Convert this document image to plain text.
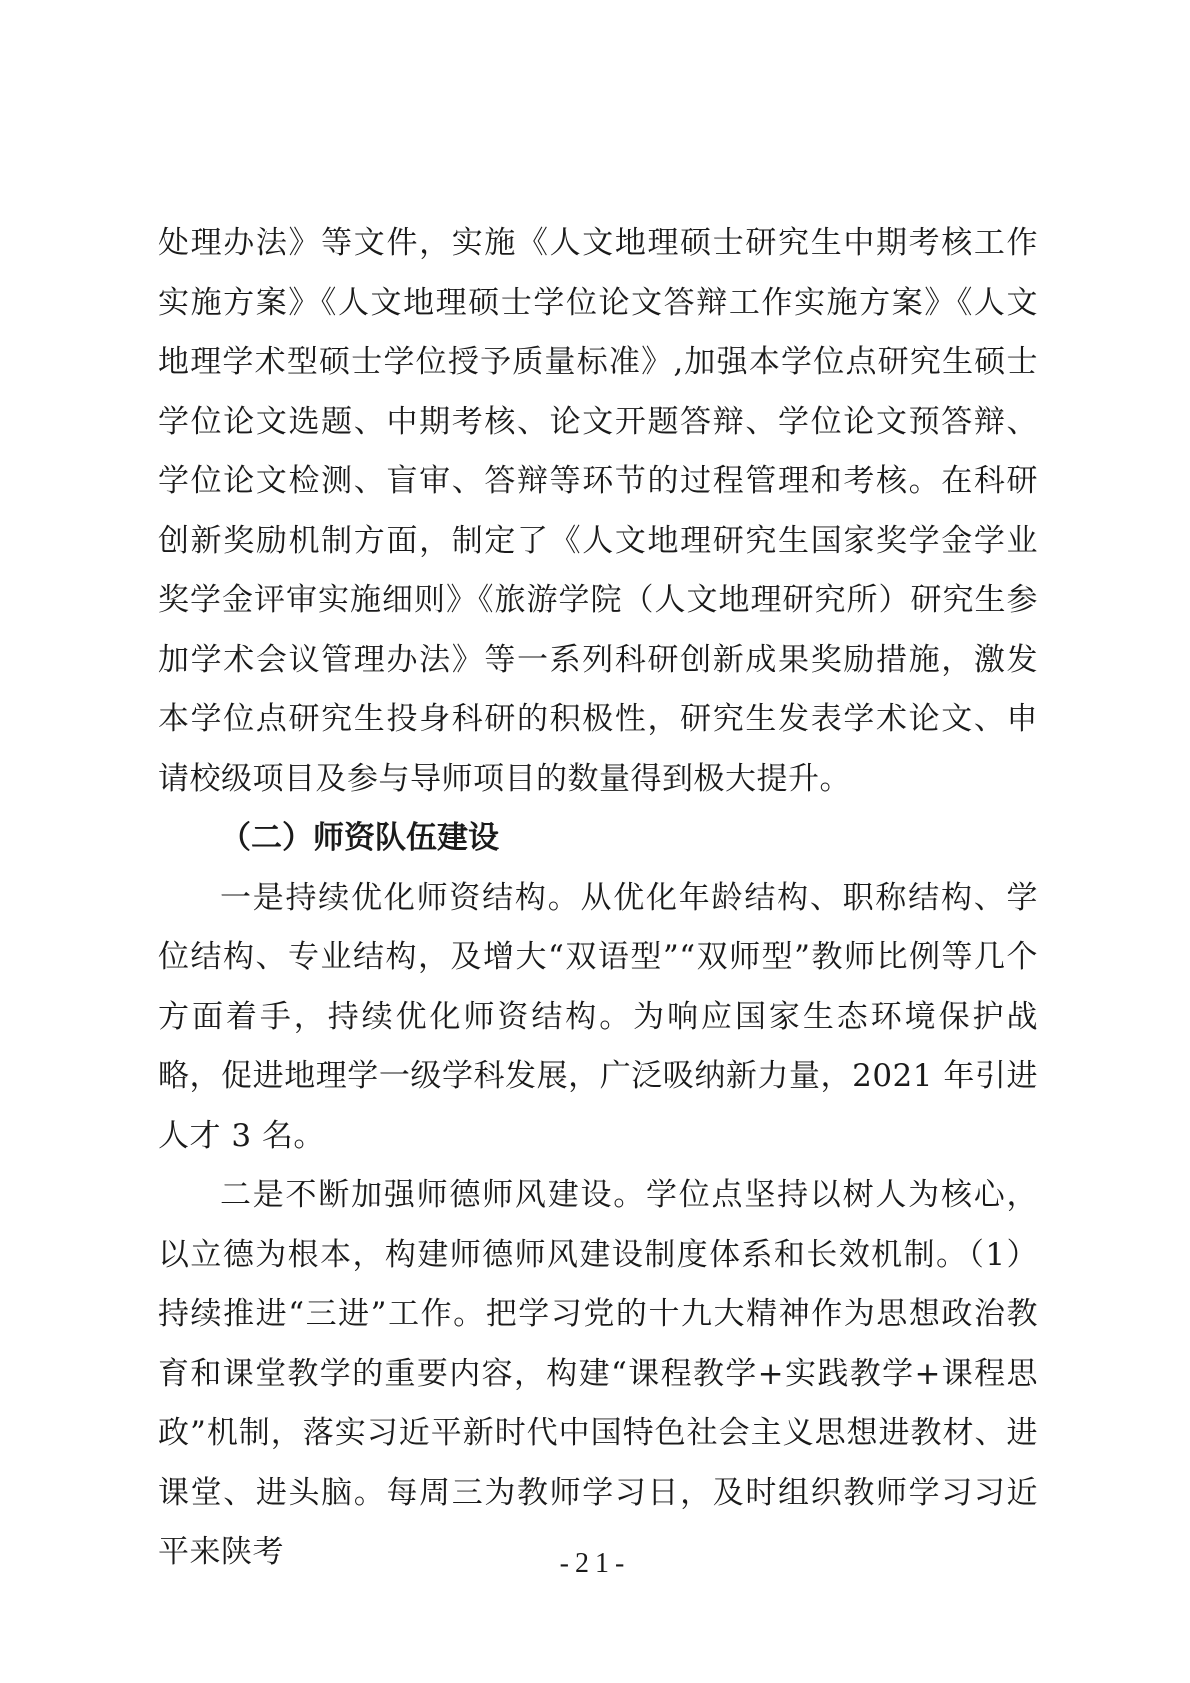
处理办法》等文件，实施《人文地理硕士研究生中期考核工作实施方案》《人文地理硕士学位论文答辩工作实施方案》《人文地理学术型硕士学位授予质量标准》,加强本学位点研究生硕士学位论文选题、中期考核、论文开题答辩、学位论文预答辩、学位论文检测、盲审、答辩等环节的过程管理和考核。在科研创新奖励机制方面，制定了《人文地理研究生国家奖学金学业奖学金评审实施细则》《旅游学院（人文地理研究所）研究生参加学术会议管理办法》等一系列科研创新成果奖励措施，激发本学位点研究生投身科研的积极性，研究生发表学术论文、申请校级项目及参与导师项目的数量得到极大提升。

（二）师资队伍建设

一是持续优化师资结构。从优化年龄结构、职称结构、学位结构、专业结构，及增大“双语型”“双师型”教师比例等几个方面着手，持续优化师资结构。为响应国家生态环境保护战略，促进地理学一级学科发展，广泛吸纳新力量，2021 年引进人才 3 名。

二是不断加强师德师风建设。学位点坚持以树人为核心，以立德为根本，构建师德师风建设制度体系和长效机制。（1）持续推进“三进”工作。把学习党的十九大精神作为思想政治教育和课堂教学的重要内容，构建“课程教学+实践教学+课程思政”机制，落实习近平新时代中国特色社会主义思想进教材、进课堂、进头脑。每周三为教师学习日，及时组织教师学习习近平来陕考	-21-
